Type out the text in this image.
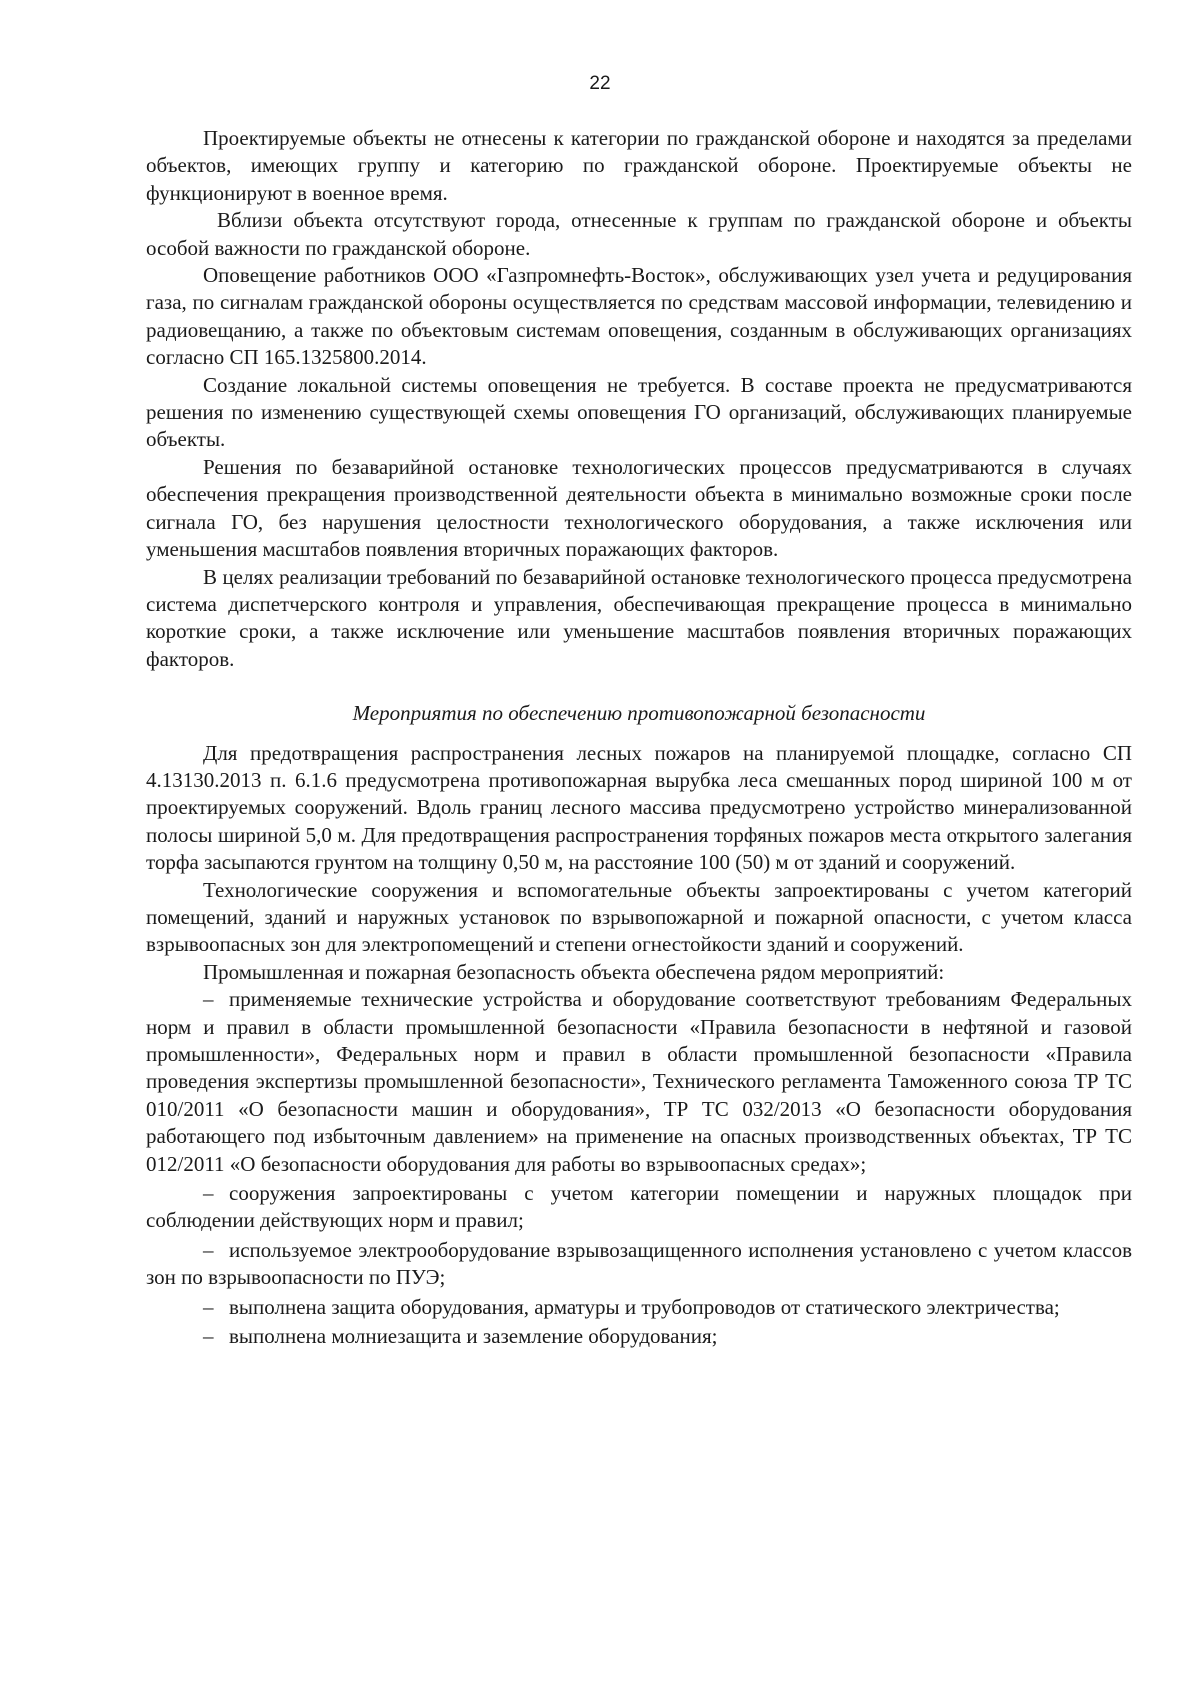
22

Проектируемые объекты не отнесены к категории по гражданской обороне и находятся за пределами объектов, имеющих группу и категорию по гражданской обороне. Проектируемые объекты не функционируют в военное время.

Вблизи объекта отсутствуют города, отнесенные к группам по гражданской обороне и объекты особой важности по гражданской обороне.

Оповещение работников ООО «Газпромнефть-Восток», обслуживающих узел учета и редуцирования газа, по сигналам гражданской обороны осуществляется по средствам массовой информации, телевидению и радиовещанию, а также по объектовым системам оповещения, созданным в обслуживающих организациях согласно СП 165.1325800.2014.

Создание локальной системы оповещения не требуется. В составе проекта не предусматриваются решения по изменению существующей схемы оповещения ГО организаций, обслуживающих планируемые объекты.

Решения по безаварийной остановке технологических процессов предусматриваются в случаях обеспечения прекращения производственной деятельности объекта в минимально возможные сроки после сигнала ГО, без нарушения целостности технологического оборудования, а также исключения или уменьшения масштабов появления вторичных поражающих факторов.

В целях реализации требований по безаварийной остановке технологического процесса предусмотрена система диспетчерского контроля и управления, обеспечивающая прекращение процесса в минимально короткие сроки, а также исключение или уменьшение масштабов появления вторичных поражающих факторов.

Мероприятия по обеспечению противопожарной безопасности

Для предотвращения распространения лесных пожаров на планируемой площадке, согласно СП 4.13130.2013 п. 6.1.6 предусмотрена противопожарная вырубка леса смешанных пород шириной 100 м от проектируемых сооружений. Вдоль границ лесного массива предусмотрено устройство минерализованной полосы шириной 5,0 м. Для предотвращения распространения торфяных пожаров места открытого залегания торфа засыпаются грунтом на толщину 0,50 м, на расстояние 100 (50) м от зданий и сооружений.

Технологические сооружения и вспомогательные объекты запроектированы с учетом категорий помещений, зданий и наружных установок по взрывопожарной и пожарной опасности, с учетом класса взрывоопасных зон для электропомещений и степени огнестойкости зданий и сооружений.

Промышленная и пожарная безопасность объекта обеспечена рядом мероприятий:

– применяемые технические устройства и оборудование соответствуют требованиям Федеральных норм и правил в области промышленной безопасности «Правила безопасности в нефтяной и газовой промышленности», Федеральных норм и правил в области промышленной безопасности «Правила проведения экспертизы промышленной безопасности», Технического регламента Таможенного союза ТР ТС 010/2011 «О безопасности машин и оборудования», ТР ТС 032/2013 «О безопасности оборудования работающего под избыточным давлением» на применение на опасных производственных объектах, ТР ТС 012/2011 «О безопасности оборудования для работы во взрывоопасных средах»;

– сооружения запроектированы с учетом категории помещении и наружных площадок при соблюдении действующих норм и правил;

– используемое электрооборудование взрывозащищенного исполнения установлено с учетом классов зон по взрывоопасности по ПУЭ;

– выполнена защита оборудования, арматуры и трубопроводов от статического электричества;

– выполнена молниезащита и заземление оборудования;
